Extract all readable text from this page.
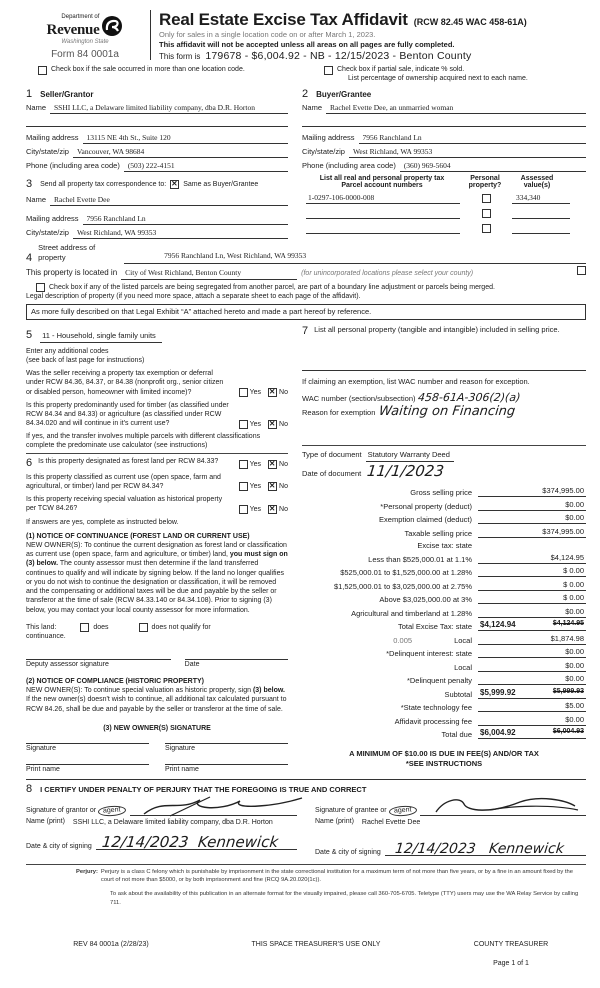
Department of
Revenue
Washington State
Form 84 0001a
Real Estate Excise Tax Affidavit (RCW 82.45 WAC 458-61A)
Only for sales in a single location code on or after March 1, 2023.
This affidavit will not be accepted unless all areas on all pages are fully completed.
This form is 179678 - $6,004.92 - NB - 12/15/2023 - Benton County
Check box if the sale occurred in more than one location code.	Check box if partial sale, indicate % sold.
List percentage of ownership acquired next to each name.
1 Seller/Grantor
Name	SSHI LLC, a Delaware limited liability company, dba D.R. Horton
Mailing address	13115 NE 4th St., Suite 120
City/state/zip	Vancouver, WA 98684
Phone (including area code)	(503) 222-4151
2 Buyer/Grantee
Name	Rachel Evette Dee, an unmarried woman
Mailing address	7956 Ranchland Ln
City/state/zip	West Richland, WA 99353
Phone (including area code)	(360) 969-5604
3 Send all property tax correspondence to: ✕ Same as Buyer/Grantee
Name	Rachel Evette Dee
Mailing address	7956 Ranchland Ln
City/state/zip	West Richland, WA 99353
List all real and personal property tax
Parcel account numbers
Personal
property?
Assessed
value(s)
1-0297-106-0000-008	334,340
4
Street address of
property	7956 Ranchland Ln, West Richland, WA 99353
This property is located in	City of West Richland, Benton County	(for unincorporated locations please select your county)
Check box if any of the listed parcels are being segregated from another parcel, are part of a boundary line adjustment or parcels being merged.
Legal description of property (if you need more space, attach a separate sheet to each page of the affidavit).
As more fully described on that Legal Exhibit “A” attached hereto and made a part hereof by reference.
5 11 - Household, single family units
Enter any additional codes
(see back of last page for instructions)
Was the seller receiving a property tax exemption or deferral under RCW 84.36, 84.37, or 84.38 (nonprofit org., senior citizen or disabled person, homeowner with limited income)?	Yes ✕	No
Is this property predominantly used for timber (as classified under RCW 84.34 and 84.33) or agriculture (as classified under RCW 84.34.020 and will continue in it's current use?	Yes ✕	No
If yes, and the transfer involves multiple parcels with different classifications complete the predominate use calculator (see instructions)
6 Is this property designated as forest land per RCW 84.33?	Yes ✕	No
Is this property classified as current use (open space, farm and agricultural, or timber) land per RCW 84.34?	Yes ✕	No
Is this property receiving special valuation as historical property per TCW 84.26?	Yes ✕	No
If answers are yes, complete as instructed below.
(1) NOTICE OF CONTINUANCE (FOREST LAND OR CURRENT USE)
NEW OWNER(S): To continue the current designation as forest land or classification as current use (open space, farm and agriculture, or timber) land, you must sign on (3) below. The county assessor must then determine if the land transferred continues to qualify and will indicate by signing below. If the land no longer qualifies or you do not wish to continue the designation or classification, it will be removed and the compensating or additional taxes will be due and payable by the seller or transferor at the time of sale (RCW 84.33.140 or 84.34.108). Prior to signing (3) below, you may contact your local county assessor for more information.
This land:	does	does not qualify for
continuance.
Deputy assessor signature	Date
(2) NOTICE OF COMPLIANCE (HISTORIC PROPERTY)
NEW OWNER(S): To continue special valuation as historic property, sign (3) below. If the new owner(s) doesn't wish to continue, all additional tax calculated pursuant to RCW 84.26, shall be due and payable by the seller or transferor at the time of sale.
(3) NEW OWNER(S) SIGNATURE
Signature	Signature
Print name	Print name
7 List all personal property (tangible and intangible) included in selling price.
If claiming an exemption, list WAC number and reason for exception.
WAC number (section/subsection) 458-61A-306(2)(a)
Reason for exemption Waiting on Financing
Type of document Statutory Warranty Deed
Date of document 11/1/2023
Gross selling price	$374,995.00
*Personal property (deduct)	$0.00
Exemption claimed (deduct)	$0.00
Taxable selling price	$374,995.00
Excise tax: state
Less than $525,000.01 at 1.1%	$4,124.95
$525,000.01 to $1,525,000.00 at 1.28%	$ 0.00
$1,525,000.01 to $3,025,000.00 at 2.75%	$ 0.00
Above $3,025,000.00 at 3%	$ 0.00
Agricultural and timberland at 1.28%	$0.00
Total Excise Tax: state	$4,124.94	$4,124.95
0.005	Local	$1,874.98
*Delinquent interest: state	$0.00
Local	$0.00
*Delinquent penalty	$0.00
Subtotal	$5,999.92	$5,999.93
*State technology fee	$5.00
Affidavit processing fee	$0.00
Total due	$6,004.92	$6,004.93
A MINIMUM OF $10.00 IS DUE IN FEE(S) AND/OR TAX
*SEE INSTRUCTIONS
8 I CERTIFY UNDER PENALTY OF PERJURY THAT THE FOREGOING IS TRUE AND CORRECT
Signature of grantor or agent
Name (print)	SSHI LLC, a Delaware limited liability company, dba D.R. Horton
Date & city of signing 12/14/2023 Kennewick
Signature of grantee or agent
Name (print)	Rachel Evette Dee
Date & city of signing 12/14/2023 Kennewick
Perjury: Perjury is a class C felony which is punishable by imprisonment in the state correctional institution for a maximum term of not more than five years, or by a fine in an amount fixed by the court of not more than $5000, or by both imprisonment and fine (RCQ 9A.20.020(1c)).
To ask about the availability of this publication in an alternate format for the visually impaired, please call 360-705-6705. Teletype (TTY) users may use the WA Relay Service by calling 711.
REV 84 0001a (2/28/23)	THIS SPACE TREASURER'S USE ONLY	COUNTY TREASURER
Page 1 of 1
